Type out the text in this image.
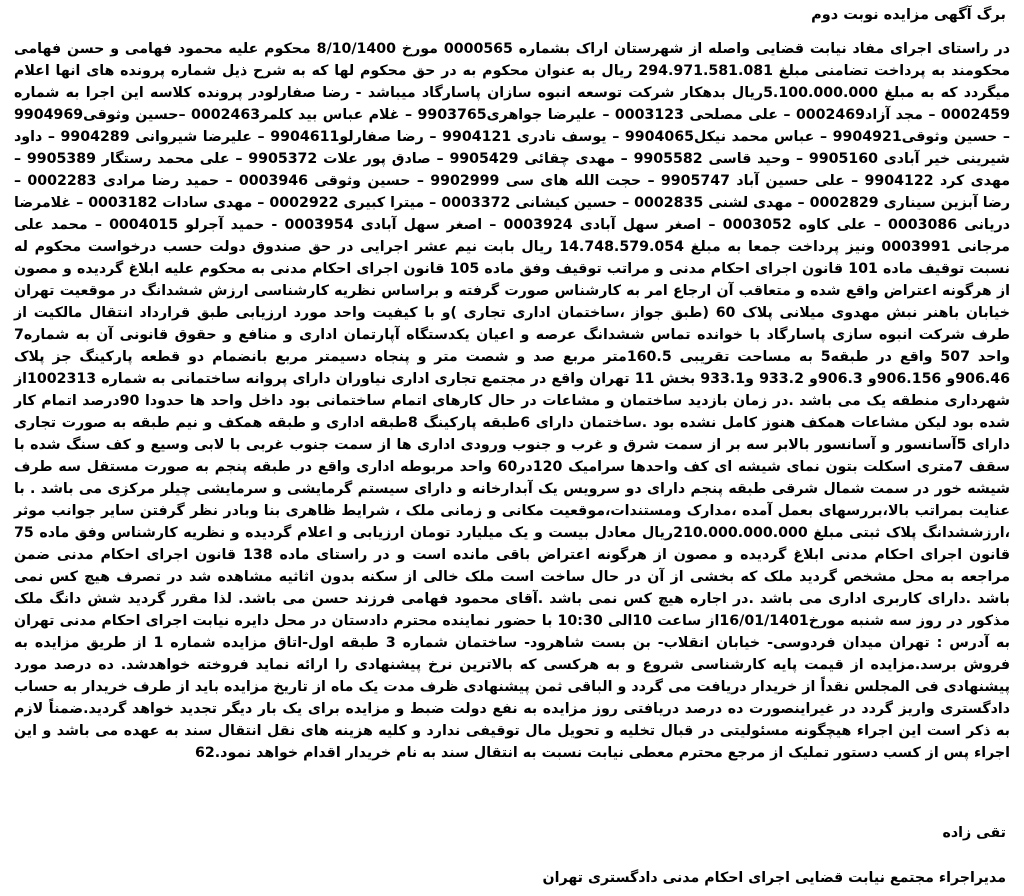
برگ آگهی مزایده نوبت دوم

در راستای اجرای مفاد نیابت قضایی واصله از شهرستان اراک بشماره 0000565 مورخ 8/10/1400 محکوم علیه محمود فهامی و حسن فهامی محکومند به پرداخت تضامنی مبلغ 294.971.581.081 ریال به عنوان محکوم به در حق محکوم لها که به شرح ذیل شماره پرونده های انها اعلام میگردد که به مبلغ 5.100.000.000ریال بدهکار شرکت توسعه انبوه سازان پاسارگاد میباشد - رضا صفارلودر پرونده کلاسه این اجرا به شماره 0002459 – مجد آزاد0002469 – علی مصلحی 0003123 – علیرضا جواهری9903765 – غلام عباس بید کلمر0002463 –حسین وثوقی9904969 – حسین وثوقی9904921 – عباس محمد نیکل9904065 – یوسف نادری 9904121 – رضا صفارلو9904611 – علیرضا شیروانی 9904289 – داود شیرینی خیر آبادی 9905160 – وحید قاسی 9905582 – مهدی چقائی 9905429 – صادق پور علات 9905372 – علی محمد رستگار 9905389 – مهدی کرد 9904122 – علی حسین آباد 9905747 – حجت الله های سی 9902999 – حسین وثوقی 0003946 – حمید رضا مرادی 0002283 – رضا آبزین سیناری 0002829 – مهدی لشنی 0002835 – حسین کیشانی 0003372 – میترا کبیری 0002922 – مهدی سادات 0003182 – غلامرضا دریانی 0003086 – علی کاوه 0003052 – اصغر سهل آبادی 0003924 – اصغر سهل آبادی 0003954 - حمید آجرلو 0004015 – محمد علی مرجانی 0003991 ونیز پرداخت جمعا به مبلغ 14.748.579.054 ریال بابت نیم عشر اجرایی در حق صندوق دولت حسب درخواست محکوم له نسبت توقیف ماده 101 قانون اجرای احکام مدنی و مراتب توقیف وفق ماده 105 قانون اجرای احکام مدنی به محکوم علیه ابلاغ گردیده و مصون از هرگونه اعتراض واقع شده و متعاقب آن ارجاع امر به کارشناس صورت گرفته و براساس نظریه کارشناسی ارزش ششدانگ در موقعیت تهران خیابان باهنر نبش مهدوی میلانی پلاک 60 (طبق جواز ،ساختمان اداری تجاری )و با کیفیت واحد مورد ارزیابی طبق قرارداد انتقال مالکیت از طرف شرکت انبوه سازی پاسارگاد با خوانده تماس ششدانگ عرصه و اعیان یکدستگاه آپارتمان اداری و منافع و حقوق قانونی آن به شماره7 واحد 507 واقع در طبقه5 به مساحت تقریبی 160.5متر مربع صد و شصت متر و پنجاه دسیمتر مربع بانضمام دو قطعه پارکینگ جز پلاک 906.46و 906.156و 906.3و 933.2 و933.1 بخش 11 تهران واقع در مجتمع تجاری اداری نیاوران دارای پروانه ساختمانی به شماره 1002313از شهرداری منطقه یک می باشد .در زمان بازدید ساختمان و مشاعات در حال کارهای اتمام ساختمانی بود داخل واحد ها حدودا 90درصد اتمام کار شده بود لیکن مشاعات همکف هنوز کامل نشده بود .ساختمان دارای 6طبقه پارکینگ 8طبقه اداری و طبقه همکف و نیم طبقه به صورت تجاری دارای 5آسانسور و آسانسور بالابر سه بر از سمت شرق و غرب و جنوب ورودی اداری ها از سمت جنوب غربی با لابی وسیع و کف سنگ شده با سقف 7متری اسکلت بتون نمای شیشه ای کف واحدها سرامیک 120در60 واحد مربوطه اداری واقع در طبقه پنجم به صورت مستقل سه طرف شیشه خور در سمت شمال شرقی طبقه پنجم دارای دو سرویس یک آبدارخانه و دارای سیستم گرمایشی و سرمایشی چیلر مرکزی می باشد . با عنایت بمراتب بالا،بررسهای بعمل آمده ،مدارک ومستندات،موقعیت مکانی و زمانی ملک ، شرایط ظاهری بنا وبادر نظر گرفتن سایر جوانب موثر ،ارزششدانگ پلاک ثبتی مبلغ 210.000.000.000ریال معادل بیست و یک میلیارد تومان ارزیابی و اعلام گردیده و نظریه کارشناس وفق ماده 75 قانون اجرای احکام مدنی ابلاغ گردیده و مصون از هرگونه اعتراض باقی مانده است و در راستای ماده 138 قانون اجرای احکام مدنی ضمن مراجعه به محل مشخص گردید ملک که بخشی از آن در حال ساخت است ملک خالی از سکنه بدون اثاثیه مشاهده شد در تصرف هیچ کس نمی باشد .دارای کاربری اداری می باشد .در اجاره هیچ کس نمی باشد .آقای محمود فهامی فرزند حسن می باشد. لذا مقرر گردید شش دانگ ملک مذکور در روز سه شنبه مورخ16/01/1401از ساعت 10الی 10:30 با حضور نماینده محترم دادستان در محل دایره نیابت اجرای احکام مدنی تهران به آدرس : تهران میدان فردوسی- خیابان انقلاب- بن بست شاهرود- ساختمان شماره 3 طبقه اول-اتاق مزایده شماره 1 از طریق مزایده به فروش برسد.مزایده از قیمت پایه کارشناسی شروع و به هرکسی که بالاترین نرخ پیشنهادی را ارائه نماید فروخته خواهدشد. ده درصد مورد پیشنهادی فی المجلس نقداً از خریدار دریافت می گردد و الباقی ثمن پیشنهادی ظرف مدت یک ماه از تاریخ مزایده باید از طرف خریدار به حساب دادگستری واریز گردد در غیراینصورت ده درصد دریافتی روز مزایده به نفع دولت ضبط و مزایده برای یک بار دیگر تجدید خواهد گردید.ضمناً لازم به ذکر است این اجراء هیچگونه مسئولیتی در قبال تخلیه و تحویل مال توقیفی ندارد و کلیه هزینه های نقل انتقال سند به عهده می باشد و این اجراء پس از کسب دستور تملیک از مرجع محترم معطی نیابت نسبت به انتقال سند به نام خریدار اقدام خواهد نمود.62

تقی زاده
مدیراجراء مجتمع نیابت قضایی اجرای احکام مدنی دادگستری تهران
